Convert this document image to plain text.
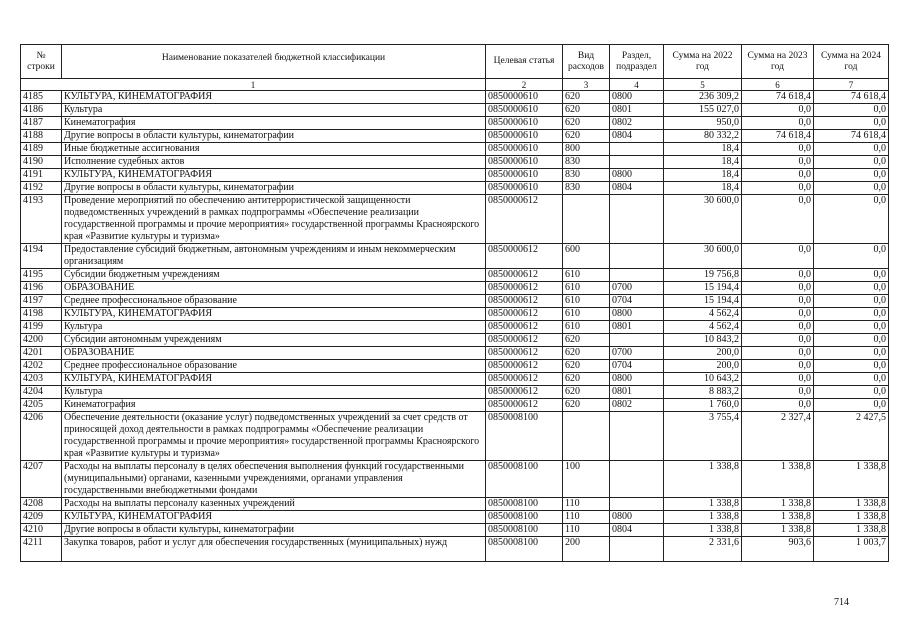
№ строки	Наименование показателей бюджетной классификации	Целевая статья	Вид расходов	Раздел, подраздел	Сумма на 2022 год	Сумма на 2023 год	Сумма на 2024 год
1		2	3	4	5	6	7
4185	КУЛЬТУРА, КИНЕМАТОГРАФИЯ	0850000610	620	0800	236 309,2	74 618,4	74 618,4
4186	Культура	0850000610	620	0801	155 027,0	0,0	0,0
4187	Кинематография	0850000610	620	0802	950,0	0,0	0,0
4188	Другие вопросы в области культуры, кинематографии	0850000610	620	0804	80 332,2	74 618,4	74 618,4
4189	Иные бюджетные ассигнования	0850000610	800		18,4	0,0	0,0
4190	Исполнение судебных актов	0850000610	830		18,4	0,0	0,0
4191	КУЛЬТУРА, КИНЕМАТОГРАФИЯ	0850000610	830	0800	18,4	0,0	0,0
4192	Другие вопросы в области культуры, кинематографии	0850000610	830	0804	18,4	0,0	0,0
4193	Проведение мероприятий по обеспечению антитеррористической защищенности подведомственных учреждений в рамках подпрограммы «Обеспечение реализации государственной программы и прочие мероприятия» государственной программы Красноярского края «Развитие культуры и туризма»	0850000612			30 600,0	0,0	0,0
4194	Предоставление субсидий бюджетным, автономным учреждениям и иным некоммерческим организациям	0850000612	600		30 600,0	0,0	0,0
4195	Субсидии бюджетным учреждениям	0850000612	610		19 756,8	0,0	0,0
4196	ОБРАЗОВАНИЕ	0850000612	610	0700	15 194,4	0,0	0,0
4197	Среднее профессиональное образование	0850000612	610	0704	15 194,4	0,0	0,0
4198	КУЛЬТУРА, КИНЕМАТОГРАФИЯ	0850000612	610	0800	4 562,4	0,0	0,0
4199	Культура	0850000612	610	0801	4 562,4	0,0	0,0
4200	Субсидии автономным учреждениям	0850000612	620		10 843,2	0,0	0,0
4201	ОБРАЗОВАНИЕ	0850000612	620	0700	200,0	0,0	0,0
4202	Среднее профессиональное образование	0850000612	620	0704	200,0	0,0	0,0
4203	КУЛЬТУРА, КИНЕМАТОГРАФИЯ	0850000612	620	0800	10 643,2	0,0	0,0
4204	Культура	0850000612	620	0801	8 883,2	0,0	0,0
4205	Кинематография	0850000612	620	0802	1 760,0	0,0	0,0
4206	Обеспечение деятельности (оказание услуг) подведомственных учреждений за счет средств от приносящей доход деятельности в рамках подпрограммы «Обеспечение реализации государственной программы и прочие мероприятия» государственной программы Красноярского края «Развитие культуры и туризма»	0850008100			3 755,4	2 327,4	2 427,5
4207	Расходы на выплаты персоналу в целях обеспечения выполнения функций государственными (муниципальными) органами, казенными учреждениями, органами управления государственными внебюджетными фондами	0850008100	100		1 338,8	1 338,8	1 338,8
4208	Расходы на выплаты персоналу казенных учреждений	0850008100	110		1 338,8	1 338,8	1 338,8
4209	КУЛЬТУРА, КИНЕМАТОГРАФИЯ	0850008100	110	0800	1 338,8	1 338,8	1 338,8
4210	Другие вопросы в области культуры, кинематографии	0850008100	110	0804	1 338,8	1 338,8	1 338,8
4211	Закупка товаров, работ и услуг для обеспечения государственных (муниципальных) нужд	0850008100	200		2 331,6	903,6	1 003,7
714
